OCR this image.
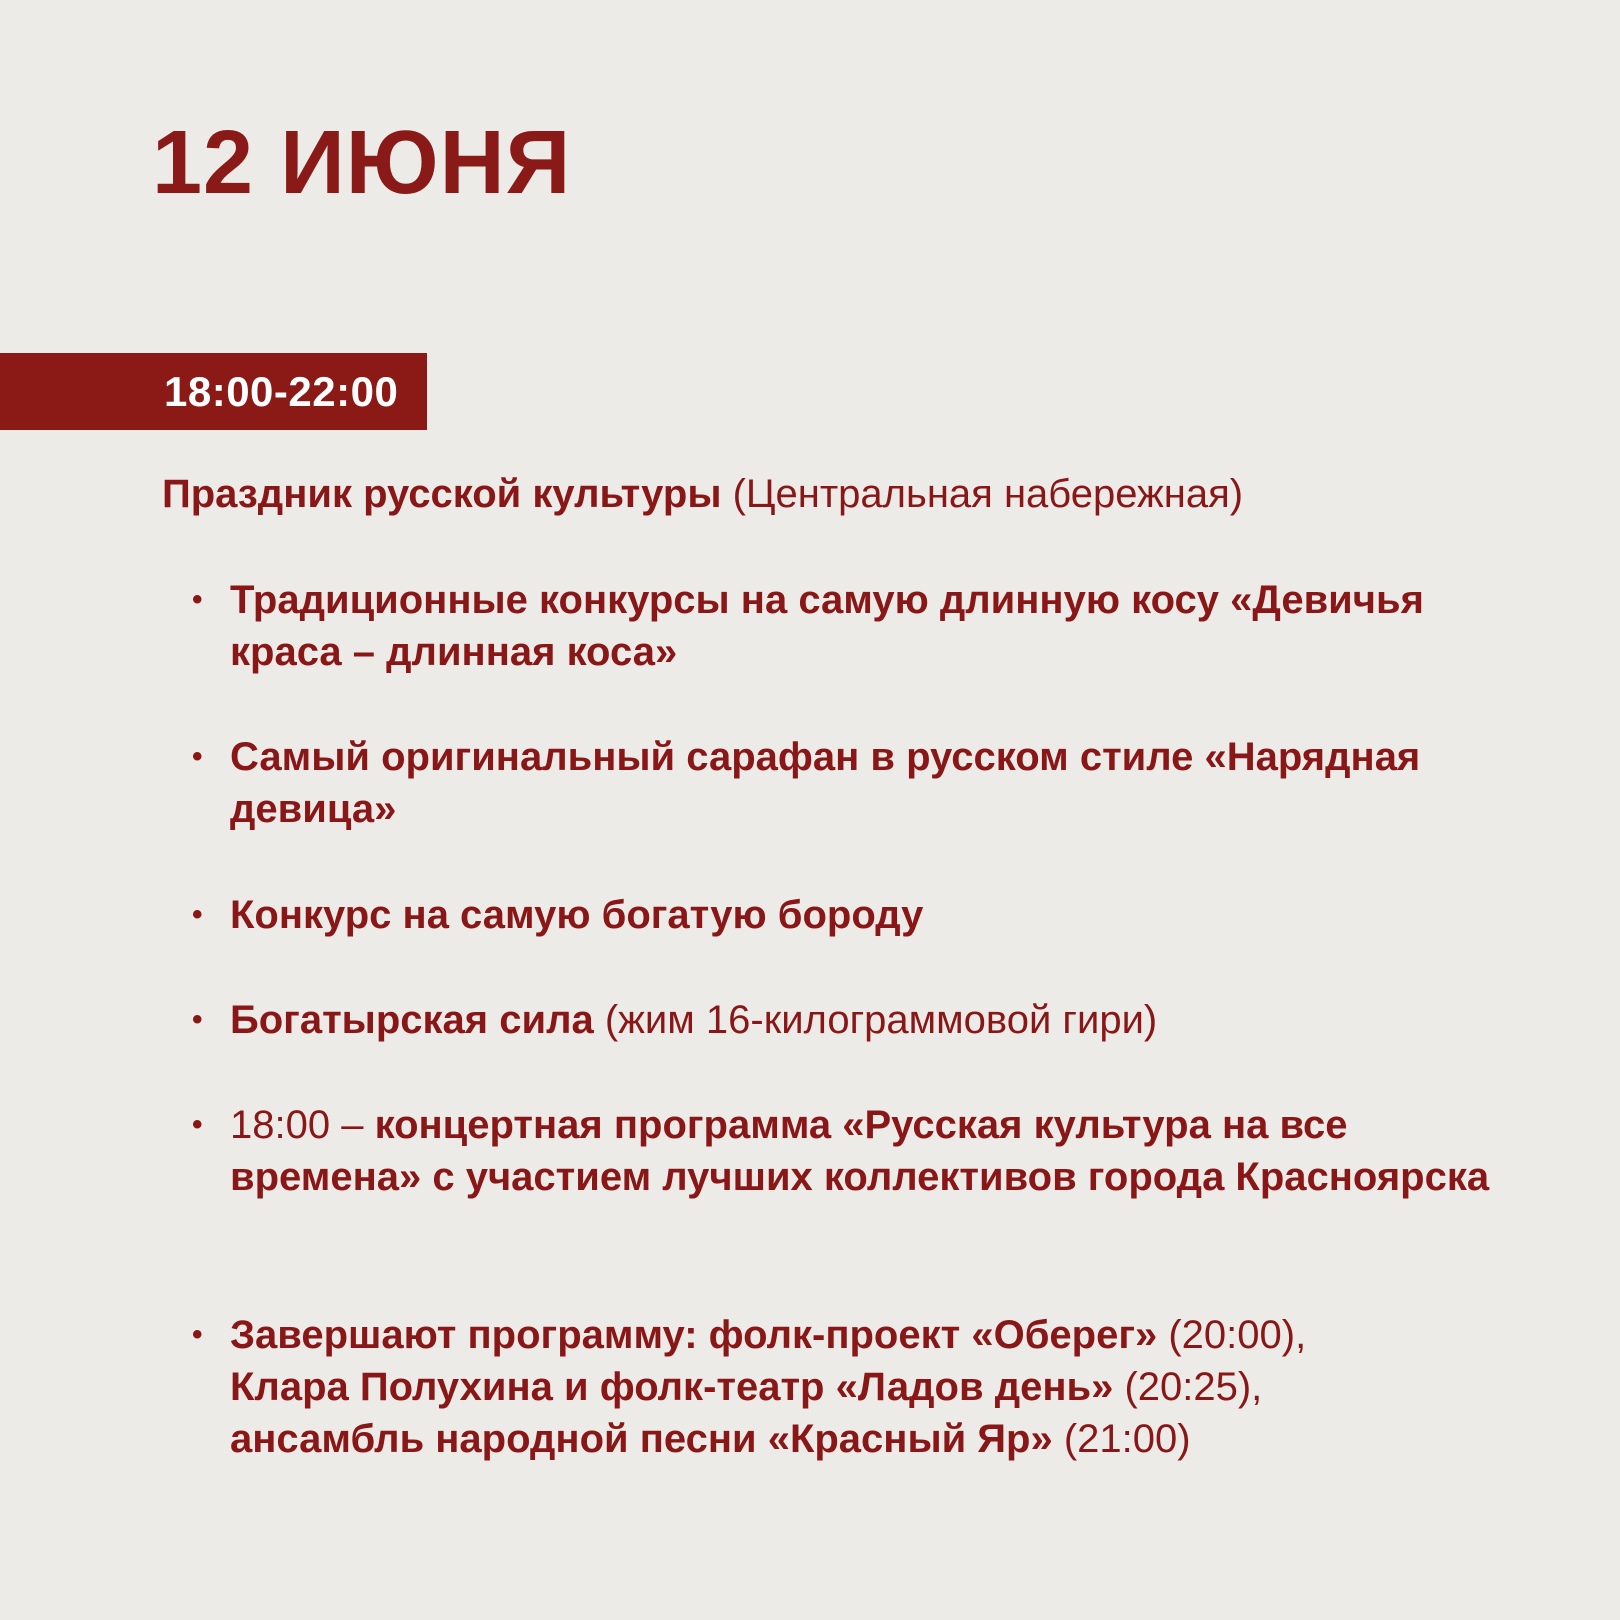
12 ИЮНЯ
18:00-22:00
Праздник русской культуры (Центральная набережная)
• Традиционные конкурсы на самую длинную косу «Девичья краса – длинная коса»
• Самый оригинальный сарафан в русском стиле «Нарядная девица»
• Конкурс на самую богатую бороду
• Богатырская сила (жим 16-килограммовой гири)
• 18:00 – концертная программа «Русская культура на все времена» с участием лучших коллективов города Красноярска
• Завершают программу: фолк-проект «Оберег» (20:00),
Клара Полухина и фолк-театр «Ладов день» (20:25),
ансамбль народной песни «Красный Яр» (21:00)
